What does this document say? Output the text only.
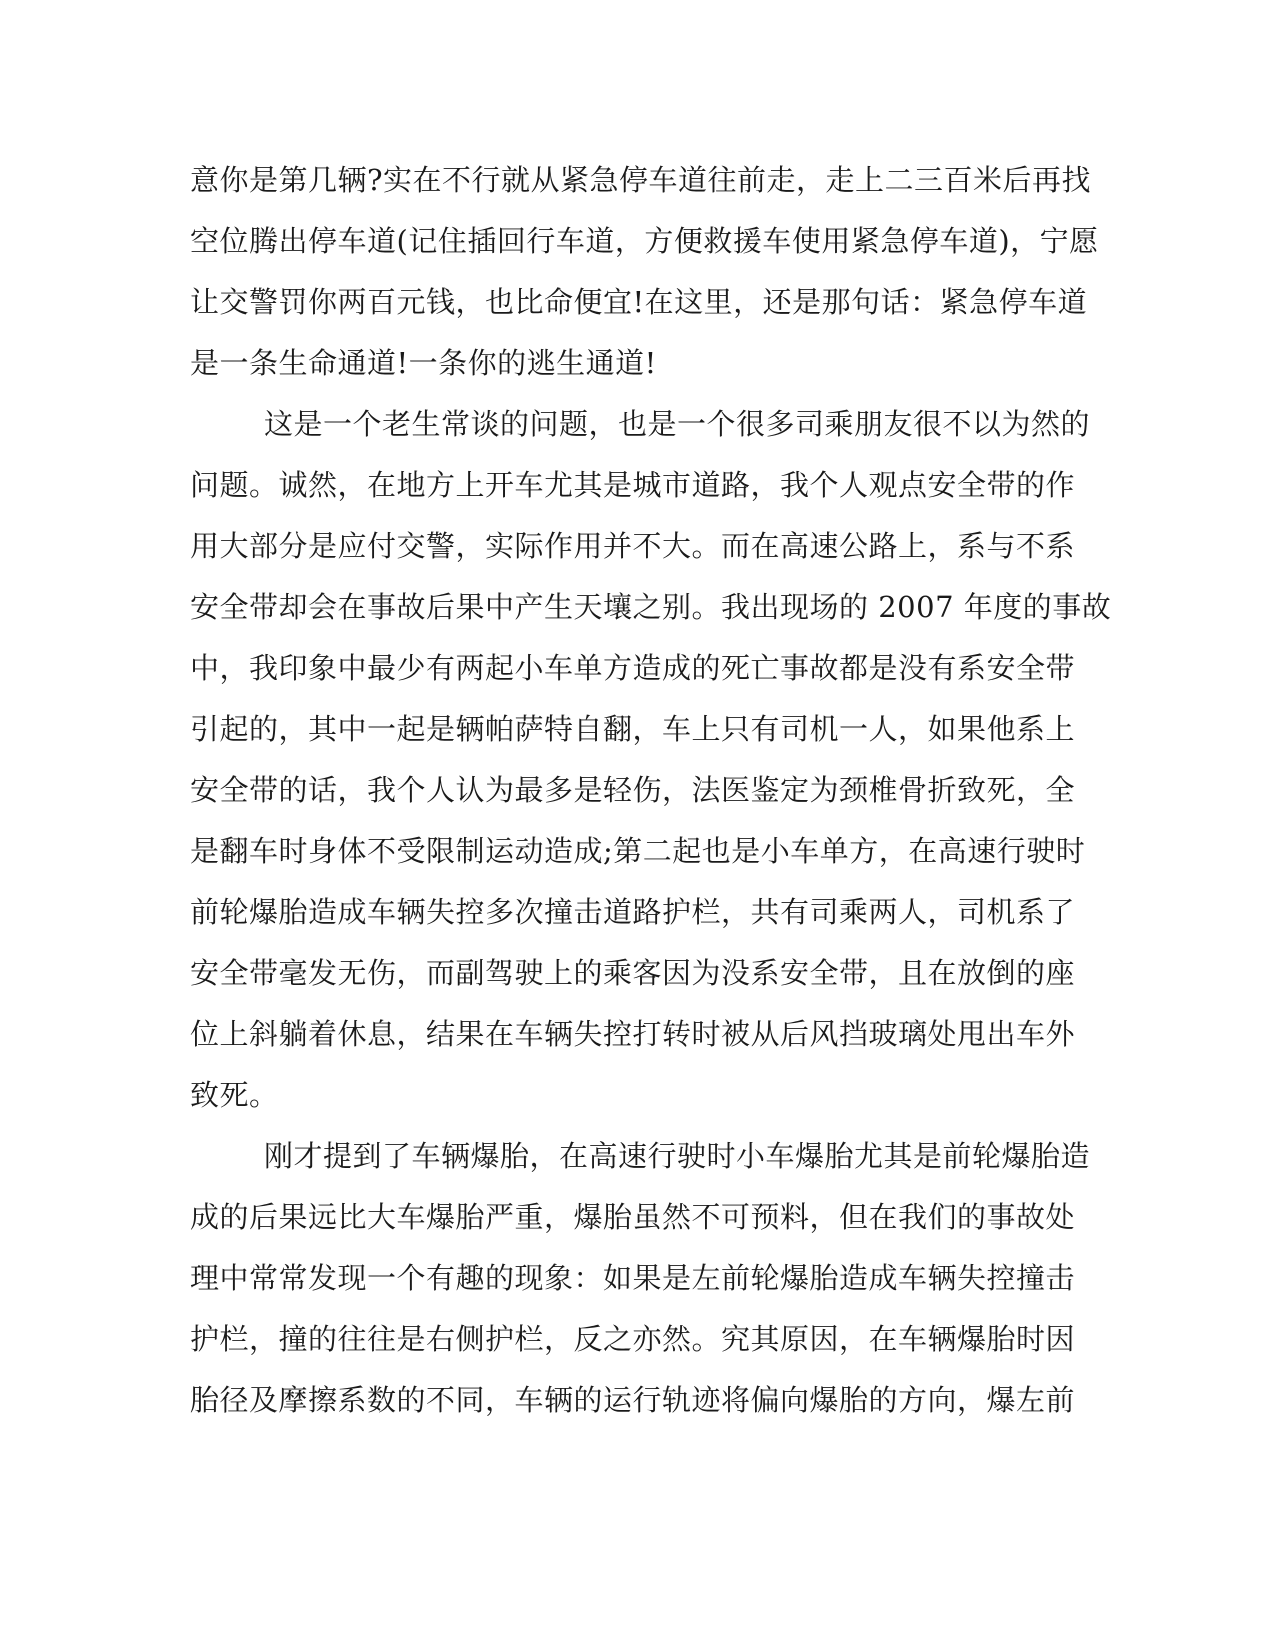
意你是第几辆?实在不行就从紧急停车道往前走，走上二三百米后再找
空位腾出停车道(记住插回行车道，方便救援车使用紧急停车道)，宁愿
让交警罚你两百元钱，也比命便宜!在这里，还是那句话：紧急停车道
是一条生命通道!一条你的逃生通道!
这是一个老生常谈的问题，也是一个很多司乘朋友很不以为然的
问题。诚然，在地方上开车尤其是城市道路，我个人观点安全带的作
用大部分是应付交警，实际作用并不大。而在高速公路上，系与不系
安全带却会在事故后果中产生天壤之别。我出现场的 2007 年度的事故
中，我印象中最少有两起小车单方造成的死亡事故都是没有系安全带
引起的，其中一起是辆帕萨特自翻，车上只有司机一人，如果他系上
安全带的话，我个人认为最多是轻伤，法医鉴定为颈椎骨折致死，全
是翻车时身体不受限制运动造成;第二起也是小车单方，在高速行驶时
前轮爆胎造成车辆失控多次撞击道路护栏，共有司乘两人，司机系了
安全带毫发无伤，而副驾驶上的乘客因为没系安全带，且在放倒的座
位上斜躺着休息，结果在车辆失控打转时被从后风挡玻璃处甩出车外
致死。
刚才提到了车辆爆胎，在高速行驶时小车爆胎尤其是前轮爆胎造
成的后果远比大车爆胎严重，爆胎虽然不可预料，但在我们的事故处
理中常常发现一个有趣的现象：如果是左前轮爆胎造成车辆失控撞击
护栏，撞的往往是右侧护栏，反之亦然。究其原因，在车辆爆胎时因
胎径及摩擦系数的不同，车辆的运行轨迹将偏向爆胎的方向，爆左前
